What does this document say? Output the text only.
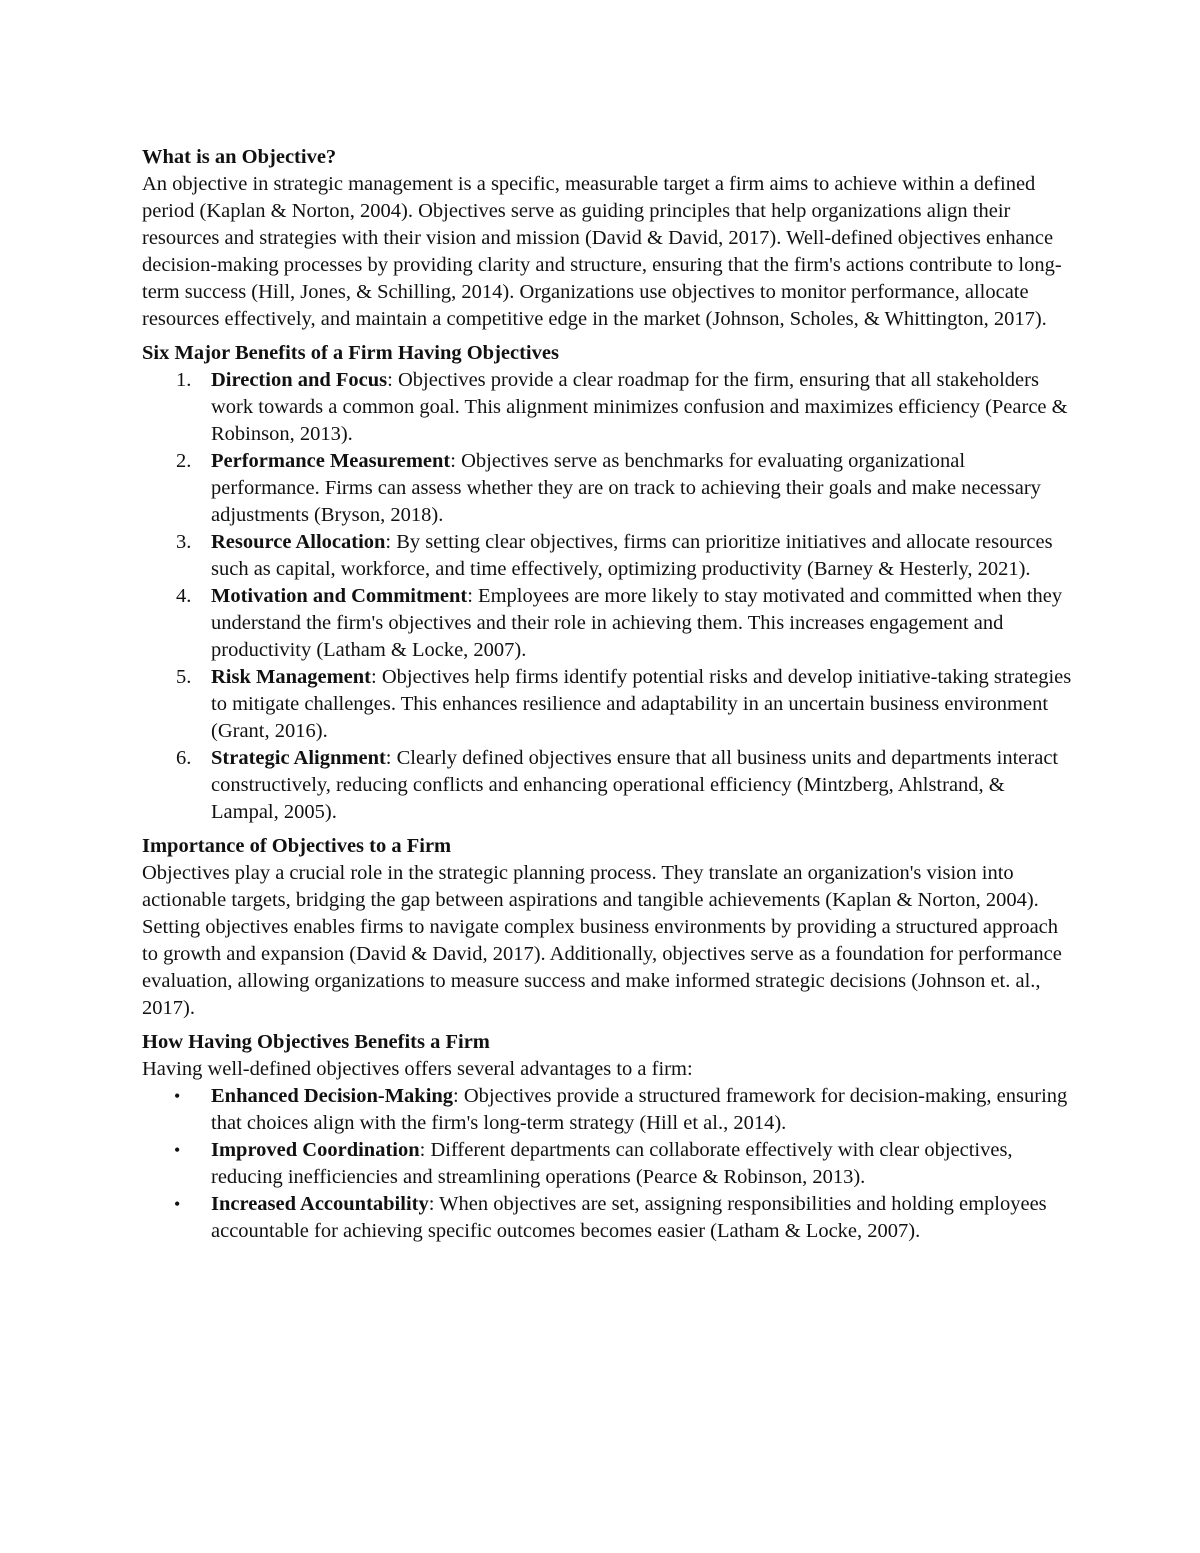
What is an Objective?

An objective in strategic management is a specific, measurable target a firm aims to achieve within a defined period (Kaplan & Norton, 2004). Objectives serve as guiding principles that help organizations align their resources and strategies with their vision and mission (David & David, 2017). Well-defined objectives enhance decision-making processes by providing clarity and structure, ensuring that the firm's actions contribute to long-term success (Hill, Jones, & Schilling, 2014). Organizations use objectives to monitor performance, allocate resources effectively, and maintain a competitive edge in the market (Johnson, Scholes, & Whittington, 2017).

Six Major Benefits of a Firm Having Objectives
1. Direction and Focus: Objectives provide a clear roadmap for the firm, ensuring that all stakeholders work towards a common goal. This alignment minimizes confusion and maximizes efficiency (Pearce & Robinson, 2013).
2. Performance Measurement: Objectives serve as benchmarks for evaluating organizational performance. Firms can assess whether they are on track to achieving their goals and make necessary adjustments (Bryson, 2018).
3. Resource Allocation: By setting clear objectives, firms can prioritize initiatives and allocate resources such as capital, workforce, and time effectively, optimizing productivity (Barney & Hesterly, 2021).
4. Motivation and Commitment: Employees are more likely to stay motivated and committed when they understand the firm's objectives and their role in achieving them. This increases engagement and productivity (Latham & Locke, 2007).
5. Risk Management: Objectives help firms identify potential risks and develop initiative-taking strategies to mitigate challenges. This enhances resilience and adaptability in an uncertain business environment (Grant, 2016).
6. Strategic Alignment: Clearly defined objectives ensure that all business units and departments interact constructively, reducing conflicts and enhancing operational efficiency (Mintzberg, Ahlstrand, & Lampal, 2005).
Importance of Objectives to a Firm

Objectives play a crucial role in the strategic planning process. They translate an organization's vision into actionable targets, bridging the gap between aspirations and tangible achievements (Kaplan & Norton, 2004). Setting objectives enables firms to navigate complex business environments by providing a structured approach to growth and expansion (David & David, 2017). Additionally, objectives serve as a foundation for performance evaluation, allowing organizations to measure success and make informed strategic decisions (Johnson et. al., 2017).

How Having Objectives Benefits a Firm

Having well-defined objectives offers several advantages to a firm:

• Enhanced Decision-Making: Objectives provide a structured framework for decision-making, ensuring that choices align with the firm's long-term strategy (Hill et al., 2014).
• Improved Coordination: Different departments can collaborate effectively with clear objectives, reducing inefficiencies and streamlining operations (Pearce & Robinson, 2013).
• Increased Accountability: When objectives are set, assigning responsibilities and holding employees accountable for achieving specific outcomes becomes easier (Latham & Locke, 2007).
